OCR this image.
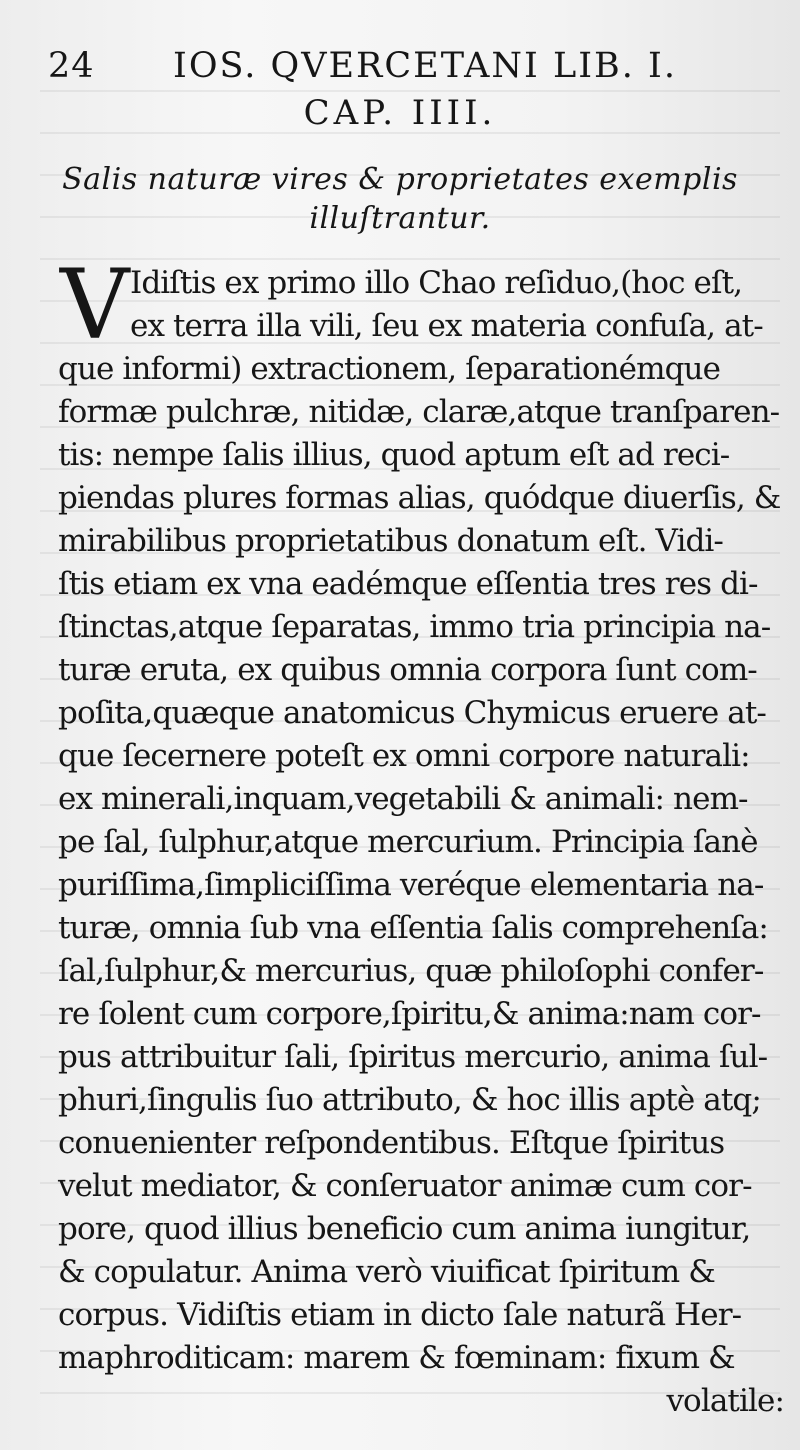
24 IOS. QVERCETANI LIB. I.
CAP. IIII.
Salis naturæ vires & proprietates exemplis
illuſtrantur.
V Idiſtis ex primo illo Chao reſiduo,(hoc eſt,
ex terra illa vili, ſeu ex materia confuſa, at-
que informi) extractionem, ſeparationémque
formæ pulchræ, nitidæ, claræ,atque tranſparen-
tis: nempe ſalis illius, quod aptum eſt ad reci-
piendas plures formas alias, quódque diuerſis, &
mirabilibus proprietatibus donatum eſt. Vidi-
ſtis etiam ex vna eadémque eſſentia tres res di-
ſtinctas,atque ſeparatas, immo tria principia na-
turæ eruta, ex quibus omnia corpora ſunt com-
poſita,quæque anatomicus Chymicus eruere at-
que ſecernere poteſt ex omni corpore naturali:
ex minerali,inquam,vegetabili & animali: nem-
pe ſal, ſulphur,atque mercurium. Principia ſanè
puriſſima,ſimpliciſſima veréque elementaria na-
turæ, omnia ſub vna eſſentia ſalis comprehenſa:
ſal,ſulphur,& mercurius, quæ philoſophi confer-
re ſolent cum corpore,ſpiritu,& anima:nam cor-
pus attribuitur ſali, ſpiritus mercurio, anima ſul-
phuri,ſingulis ſuo attributo, & hoc illis aptè atq;
conuenienter reſpondentibus. Eſtque ſpiritus
velut mediator, & conſeruator animæ cum cor-
pore, quod illius beneficio cum anima iungitur,
& copulatur. Anima verò viuificat ſpiritum &
corpus. Vidiſtis etiam in dicto ſale naturã Her-
maphroditicam: marem & fœminam: fixum &
volatile:
